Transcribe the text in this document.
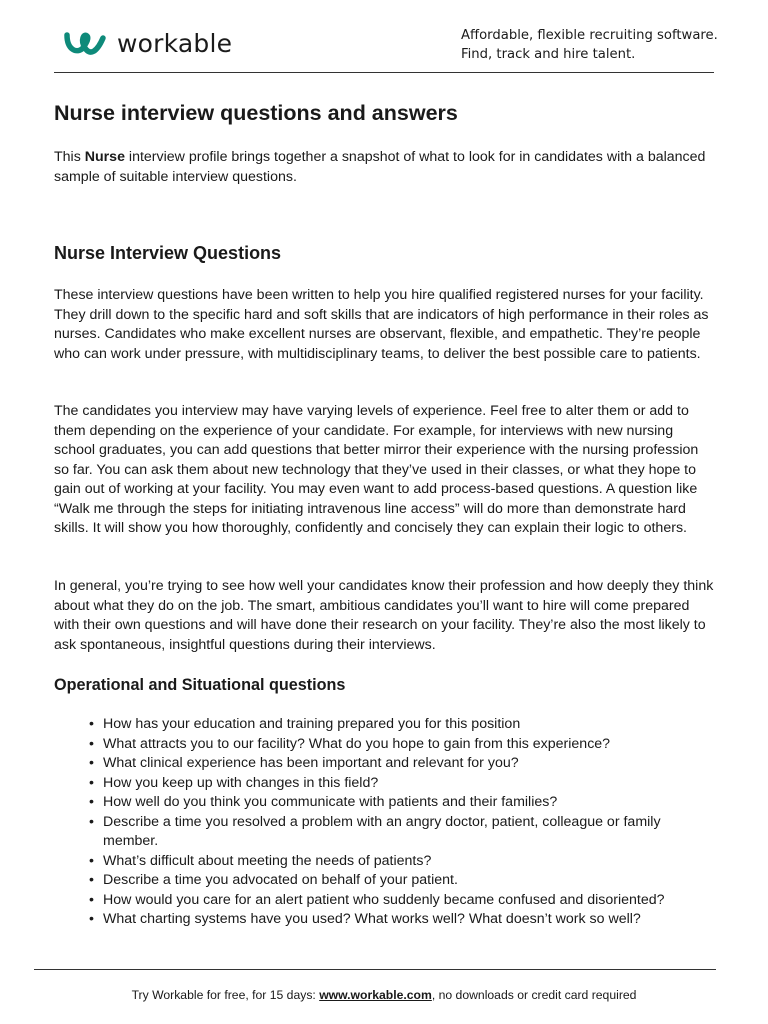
workable	Affordable, flexible recruiting software.
Find, track and hire talent.
Nurse interview questions and answers

This Nurse interview profile brings together a snapshot of what to look for in candidates with a balanced sample of suitable interview questions.

Nurse Interview Questions

These interview questions have been written to help you hire qualified registered nurses for your facility. They drill down to the specific hard and soft skills that are indicators of high performance in their roles as nurses. Candidates who make excellent nurses are observant, flexible, and empathetic. They’re people who can work under pressure, with multidisciplinary teams, to deliver the best possible care to patients.

The candidates you interview may have varying levels of experience. Feel free to alter them or add to them depending on the experience of your candidate. For example, for interviews with new nursing school graduates, you can add questions that better mirror their experience with the nursing profession so far. You can ask them about new technology that they’ve used in their classes, or what they hope to gain out of working at your facility. You may even want to add process-based questions. A question like “Walk me through the steps for initiating intravenous line access” will do more than demonstrate hard skills. It will show you how thoroughly, confidently and concisely they can explain their logic to others.

In general, you’re trying to see how well your candidates know their profession and how deeply they think about what they do on the job. The smart, ambitious candidates you’ll want to hire will come prepared with their own questions and will have done their research on your facility. They’re also the most likely to ask spontaneous, insightful questions during their interviews.

Operational and Situational questions
• How has your education and training prepared you for this position
• What attracts you to our facility? What do you hope to gain from this experience?
• What clinical experience has been important and relevant for you?
• How you keep up with changes in this field?
• How well do you think you communicate with patients and their families?
• Describe a time you resolved a problem with an angry doctor, patient, colleague or family member.
• What’s difficult about meeting the needs of patients?
• Describe a time you advocated on behalf of your patient.
• How would you care for an alert patient who suddenly became confused and disoriented?
• What charting systems have you used? What works well? What doesn’t work so well?
Try Workable for free, for 15 days: www.workable.com, no downloads or credit card required
